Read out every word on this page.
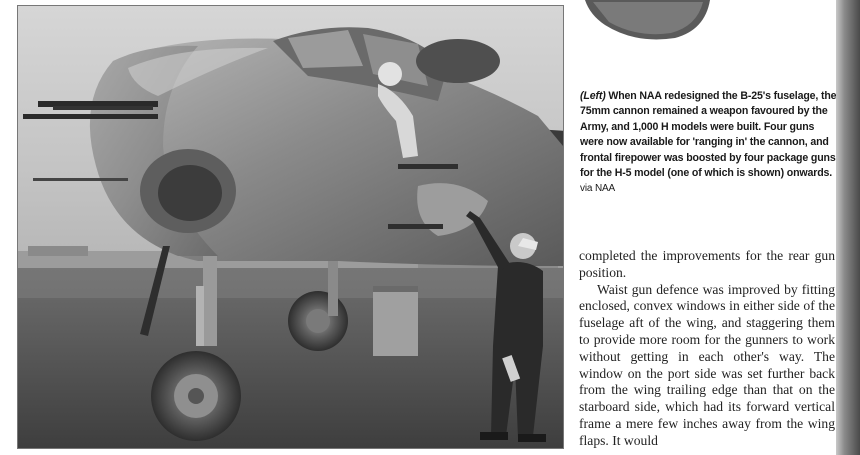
(Left) When NAA redesigned the B-25's fuselage, the 75mm cannon remained a weapon favoured by the Army, and 1,000 H models were built. Four guns were now available for 'ranging in' the cannon, and frontal firepower was boosted by four package guns for the H-5 model (one of which is shown) onwards. via NAA

completed the improvements for the rear gun position.

Waist gun defence was improved by fitting enclosed, convex windows in either side of the fuselage aft of the wing, and staggering them to provide more room for the gunners to work without getting in each other's way. The window on the port side was set further back from the wing trailing edge than that on the starboard side, which had its forward vertical frame a mere few inches away from the wing flaps. It would
